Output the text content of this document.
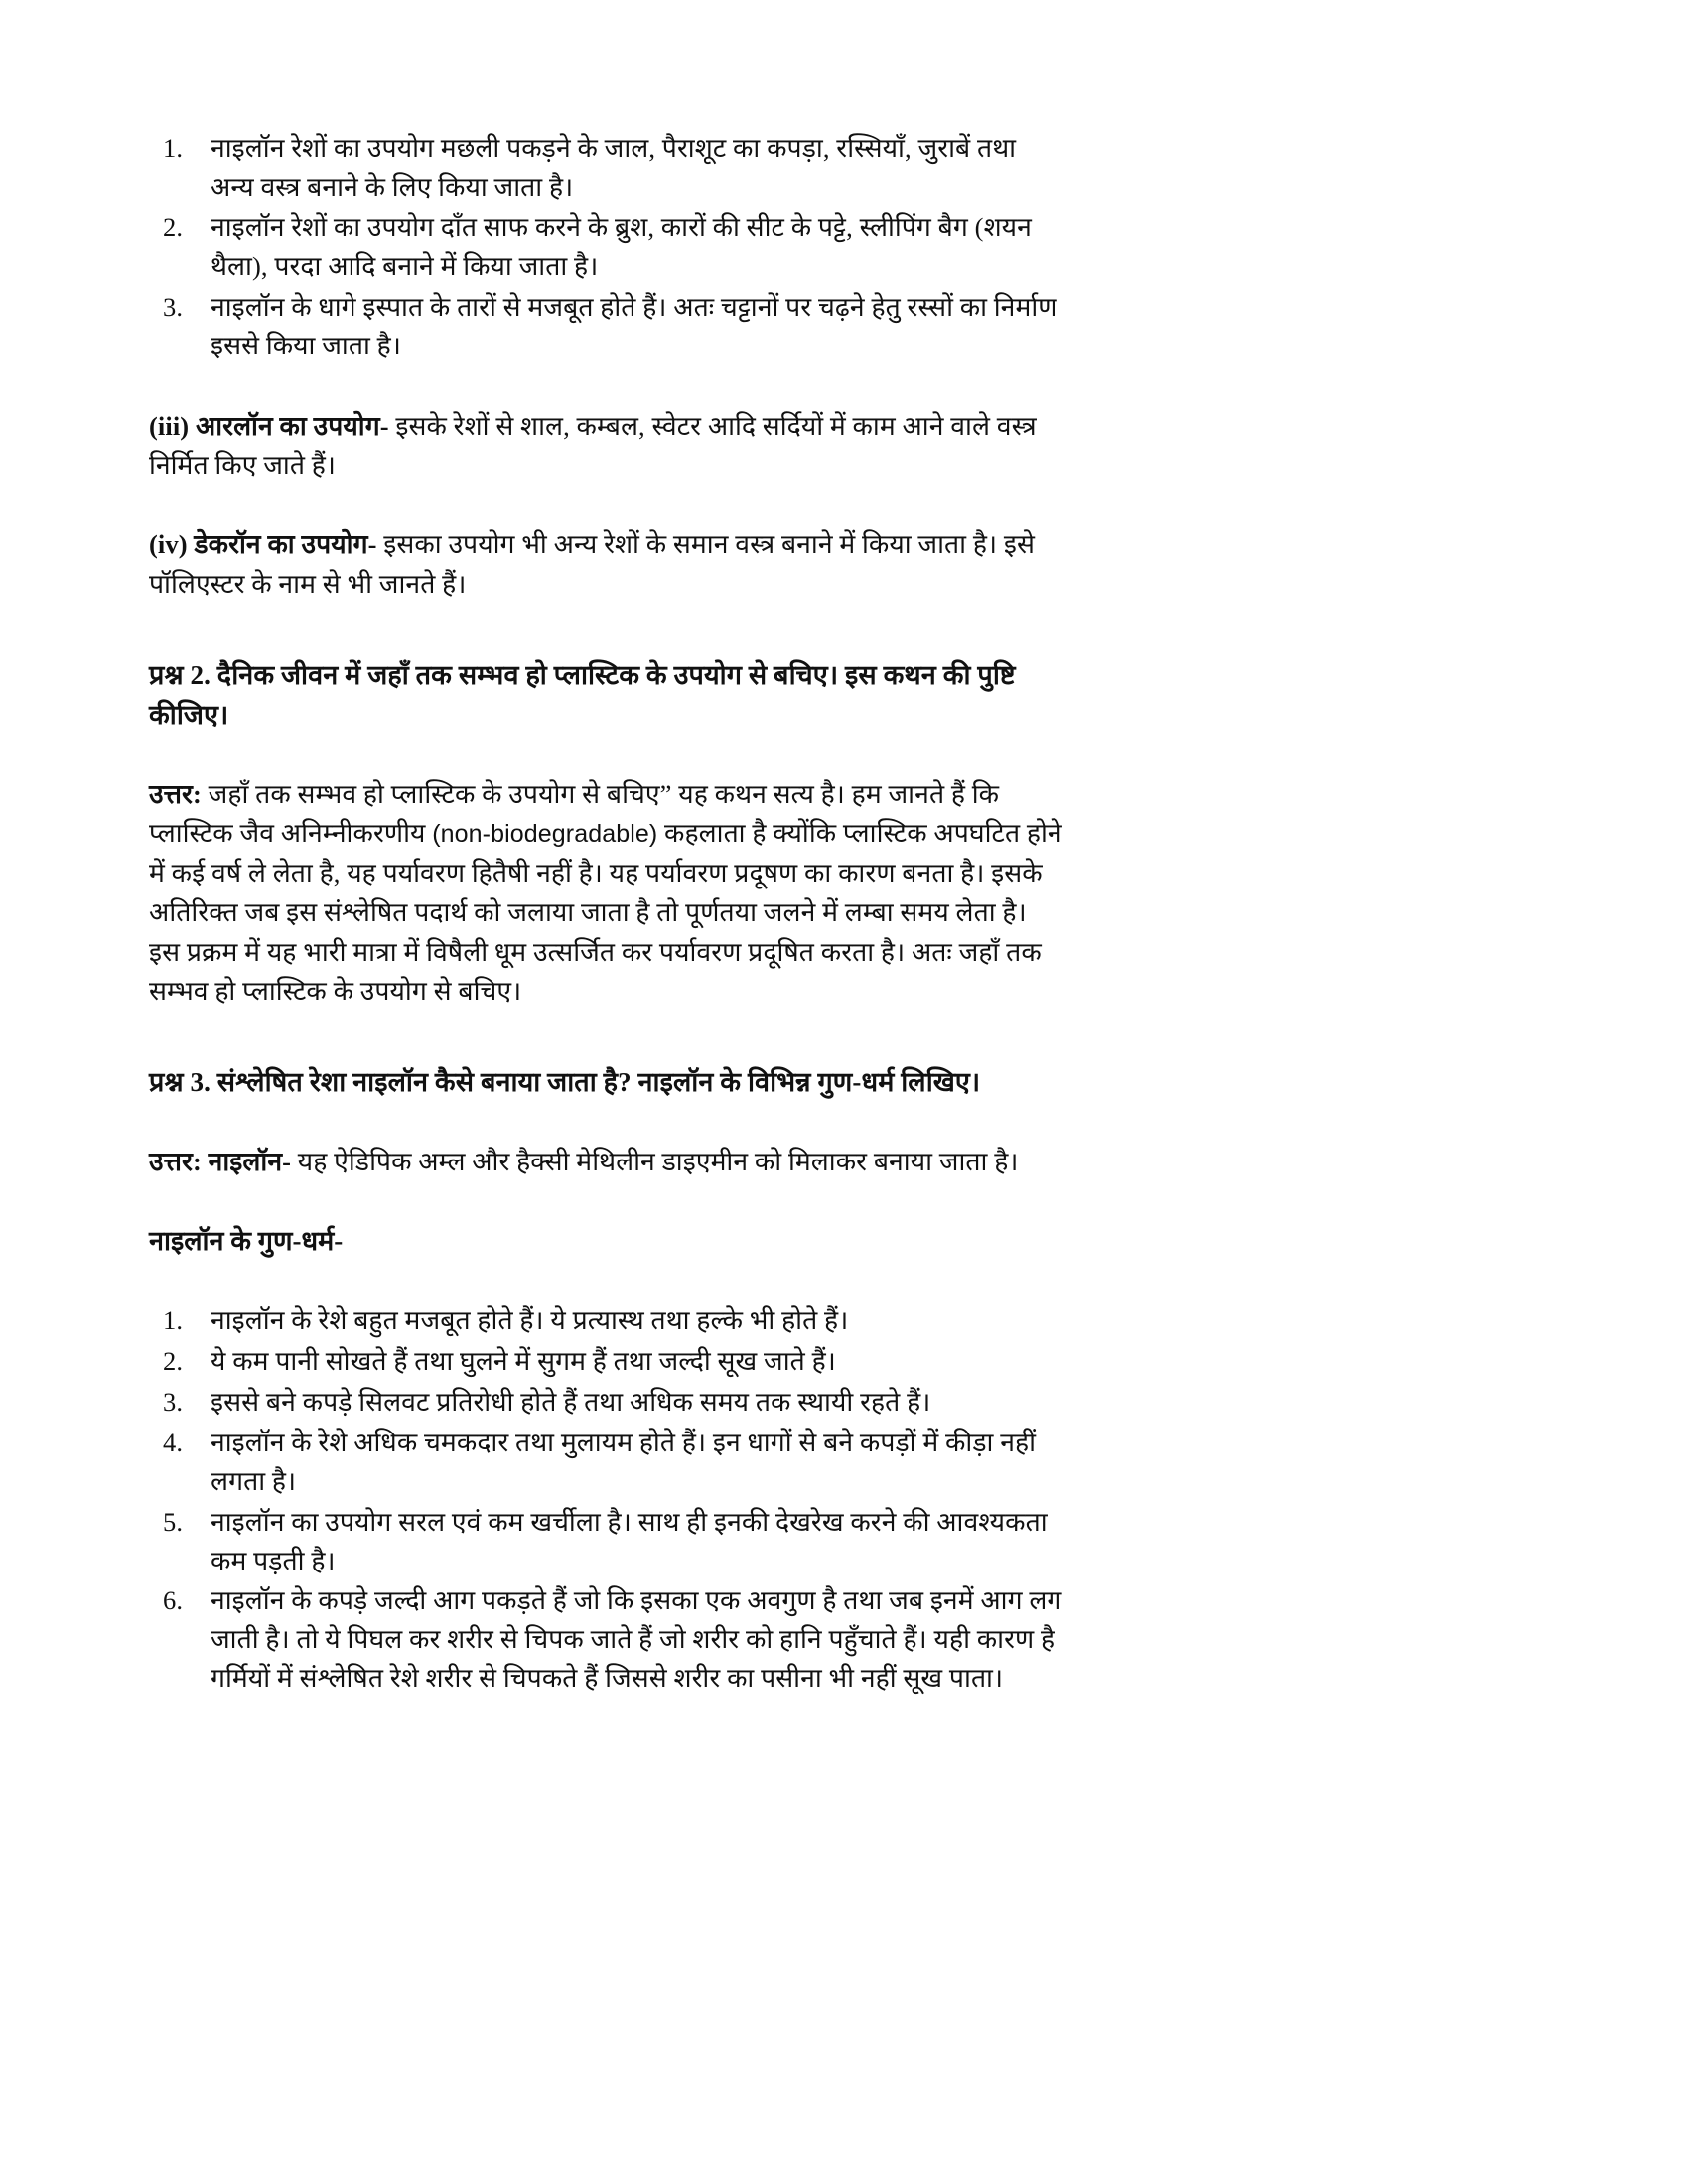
1.	नाइलॉन रेशों का उपयोग मछली पकड़ने के जाल, पैराशूट का कपड़ा, रस्सियाँ, जुराबें तथा अन्य वस्त्र बनाने के लिए किया जाता है।
2.	नाइलॉन रेशों का उपयोग दाँत साफ करने के ब्रुश, कारों की सीट के पट्टे, स्लीपिंग बैग (शयन थैला), परदा आदि बनाने में किया जाता है।
3.	नाइलॉन के धागे इस्पात के तारों से मजबूत होते हैं। अतः चट्टानों पर चढ़ने हेतु रस्सों का निर्माण इससे किया जाता है।

(iii) आरलॉन का उपयोग- इसके रेशों से शाल, कम्बल, स्वेटर आदि सर्दियों में काम आने वाले वस्त्र निर्मित किए जाते हैं।

(iv) डेकरॉन का उपयोग- इसका उपयोग भी अन्य रेशों के समान वस्त्र बनाने में किया जाता है। इसे पॉलिएस्टर के नाम से भी जानते हैं।

प्रश्न 2. दैनिक जीवन में जहाँ तक सम्भव हो प्लास्टिक के उपयोग से बचिए। इस कथन की पुष्टि कीजिए।

उत्तर: जहाँ तक सम्भव हो प्लास्टिक के उपयोग से बचिए” यह कथन सत्य है। हम जानते हैं कि प्लास्टिक जैव अनिम्नीकरणीय (non-biodegradable) कहलाता है क्योंकि प्लास्टिक अपघटित होने में कई वर्ष ले लेता है, यह पर्यावरण हितैषी नहीं है। यह पर्यावरण प्रदूषण का कारण बनता है। इसके अतिरिक्त जब इस संश्लेषित पदार्थ को जलाया जाता है तो पूर्णतया जलने में लम्बा समय लेता है। इस प्रक्रम में यह भारी मात्रा में विषैली धूम उत्सर्जित कर पर्यावरण प्रदूषित करता है। अतः जहाँ तक सम्भव हो प्लास्टिक के उपयोग से बचिए।

प्रश्न 3. संश्लेषित रेशा नाइलॉन कैसे बनाया जाता है? नाइलॉन के विभिन्न गुण-धर्म लिखिए।

उत्तर: नाइलॉन- यह ऐडिपिक अम्ल और हैक्सी मेथिलीन डाइएमीन को मिलाकर बनाया जाता है।

नाइलॉन के गुण-धर्म-
1.	नाइलॉन के रेशे बहुत मजबूत होते हैं। ये प्रत्यास्थ तथा हल्के भी होते हैं।
2.	ये कम पानी सोखते हैं तथा घुलने में सुगम हैं तथा जल्दी सूख जाते हैं।
3.	इससे बने कपड़े सिलवट प्रतिरोधी होते हैं तथा अधिक समय तक स्थायी रहते हैं।
4.	नाइलॉन के रेशे अधिक चमकदार तथा मुलायम होते हैं। इन धागों से बने कपड़ों में कीड़ा नहीं लगता है।
5.	नाइलॉन का उपयोग सरल एवं कम खर्चीला है। साथ ही इनकी देखरेख करने की आवश्यकता कम पड़ती है।
6.	नाइलॉन के कपड़े जल्दी आग पकड़ते हैं जो कि इसका एक अवगुण है तथा जब इनमें आग लग जाती है। तो ये पिघल कर शरीर से चिपक जाते हैं जो शरीर को हानि पहुँचाते हैं। यही कारण है गर्मियों में संश्लेषित रेशे शरीर से चिपकते हैं जिससे शरीर का पसीना भी नहीं सूख पाता।
